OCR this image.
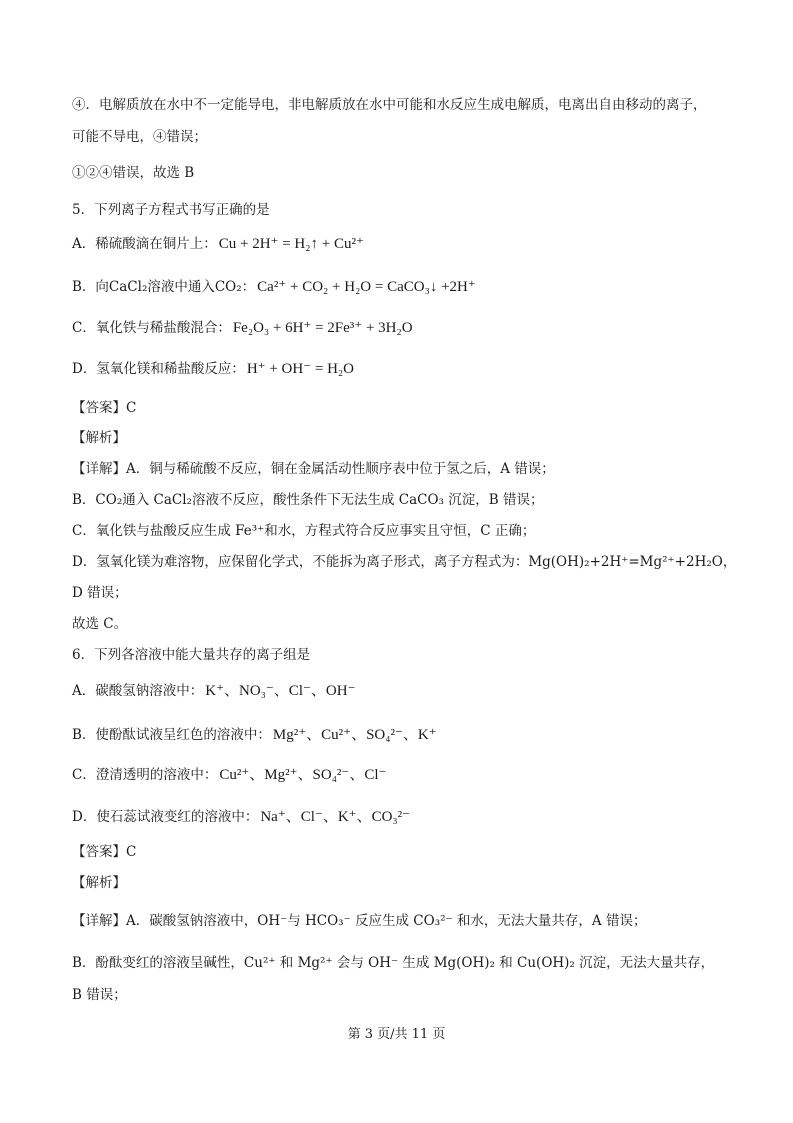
④．电解质放在水中不一定能导电，非电解质放在水中可能和水反应生成电解质，电离出自由移动的离子，
可能不导电，④错误；
①②④错误，故选 B
5．下列离子方程式书写正确的是
A．稀硫酸滴在铜片上： Cu + 2H⁺ = H₂↑ + Cu²⁺
B．向CaCl₂溶液中通入CO₂： Ca²⁺ + CO₂ + H₂O = CaCO₃↓ +2H⁺
C．氧化铁与稀盐酸混合： Fe₂O₃ + 6H⁺ = 2Fe³⁺ + 3H₂O
D．氢氧化镁和稀盐酸反应： H⁺ + OH⁻ = H₂O
【答案】C
【解析】
【详解】A．铜与稀硫酸不反应，铜在金属活动性顺序表中位于氢之后，A 错误；
B．CO₂通入 CaCl₂溶液不反应，酸性条件下无法生成 CaCO₃ 沉淀，B 错误；
C．氧化铁与盐酸反应生成 Fe³⁺和水，方程式符合反应事实且守恒，C 正确；
D．氢氧化镁为难溶物，应保留化学式，不能拆为离子形式，离子方程式为：Mg(OH)₂+2H⁺=Mg²⁺+2H₂O，
D 错误；
故选 C。
6．下列各溶液中能大量共存的离子组是
A．碳酸氢钠溶液中： K⁺、NO₃⁻、Cl⁻、OH⁻
B．使酚酞试液呈红色的溶液中： Mg²⁺、Cu²⁺、SO₄²⁻、K⁺
C．澄清透明的溶液中： Cu²⁺、Mg²⁺、SO₄²⁻、Cl⁻
D．使石蕊试液变红的溶液中： Na⁺、Cl⁻、K⁺、CO₃²⁻
【答案】C
【解析】
【详解】A．碳酸氢钠溶液中，OH⁻与 HCO₃⁻ 反应生成 CO₃²⁻ 和水，无法大量共存，A 错误；
B．酚酞变红的溶液呈碱性，Cu²⁺ 和 Mg²⁺ 会与 OH⁻ 生成 Mg(OH)₂ 和 Cu(OH)₂ 沉淀，无法大量共存，
B 错误；
第 3 页/共 11 页
